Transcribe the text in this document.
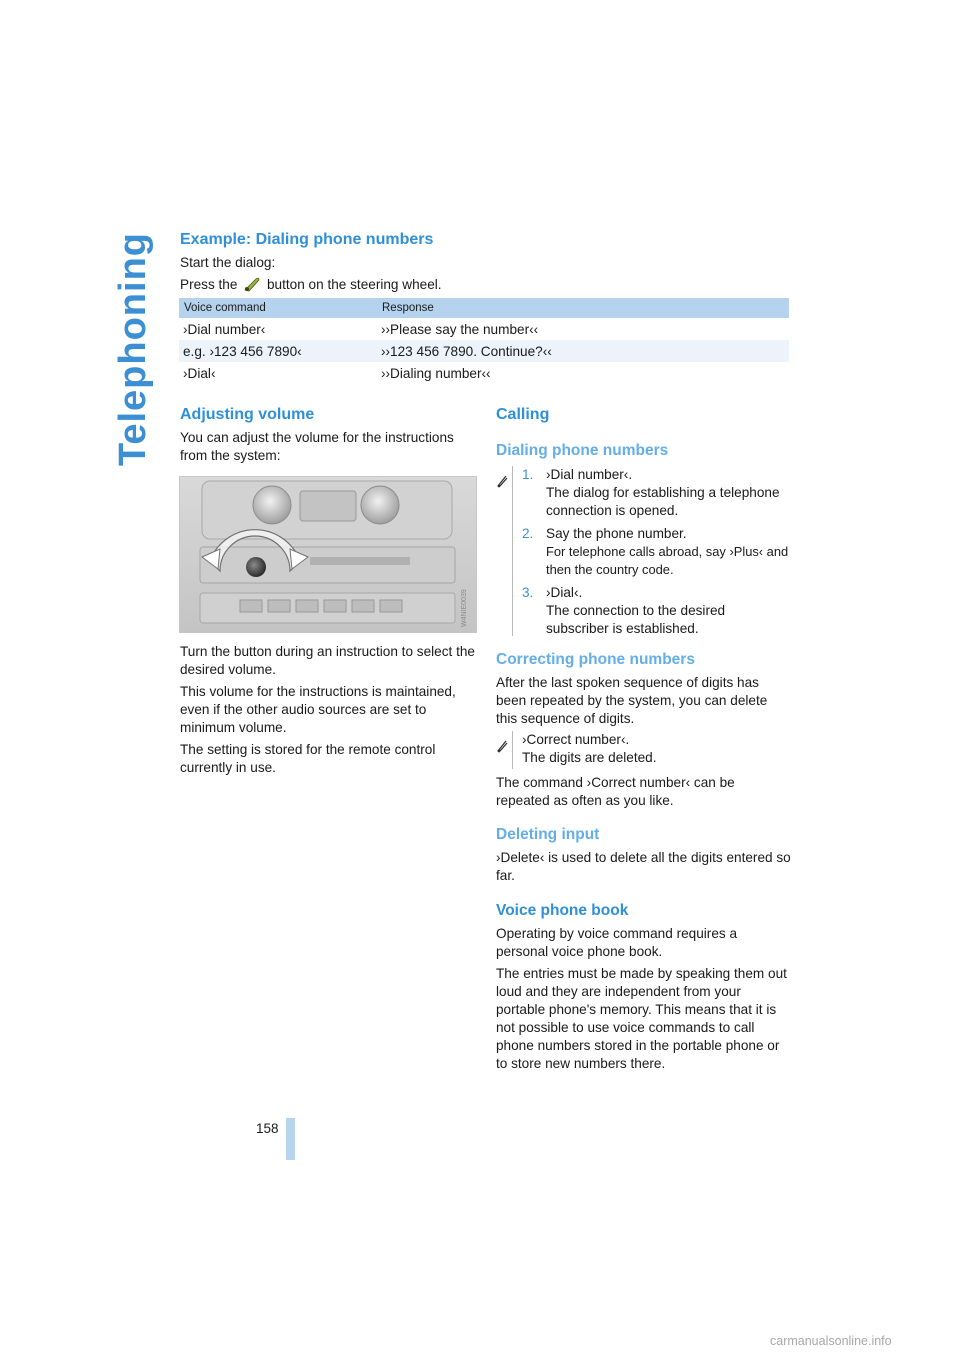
Telephoning Example: Dialing phone numbers

Start the dialog:

Press the button on the steering wheel.

Voice command	Response
›Dial number‹	››Please say the number‹‹
e.g. ›123 456 7890‹	››123 456 7890. Continue?‹‹
›Dial‹	››Dialing number‹‹
Adjusting volume

You can adjust the volume for the instructions from the system:

W4NIE0039

Turn the button during an instruction to select the desired volume.

This volume for the instructions is maintained, even if the other audio sources are set to minimum volume.

The setting is stored for the remote control currently in use.

Calling
Dialing phone numbers
1. ›Dial number‹.
The dialog for establishing a telephone connection is opened.
2. Say the phone number.
For telephone calls abroad, say ›Plus‹ and then the country code.
3. ›Dial‹.
The connection to the desired subscriber is established.
Correcting phone numbers

After the last spoken sequence of digits has been repeated by the system, you can delete this sequence of digits.

›Correct number‹.
The digits are deleted.

The command ›Correct number‹ can be repeated as often as you like.

Deleting input

›Delete‹ is used to delete all the digits entered so far.

Voice phone book

Operating by voice command requires a personal voice phone book.

The entries must be made by speaking them out loud and they are independent from your portable phone's memory. This means that it is not possible to use voice commands to call phone numbers stored in the portable phone or to store new numbers there.

158
carmanualsonline.info
